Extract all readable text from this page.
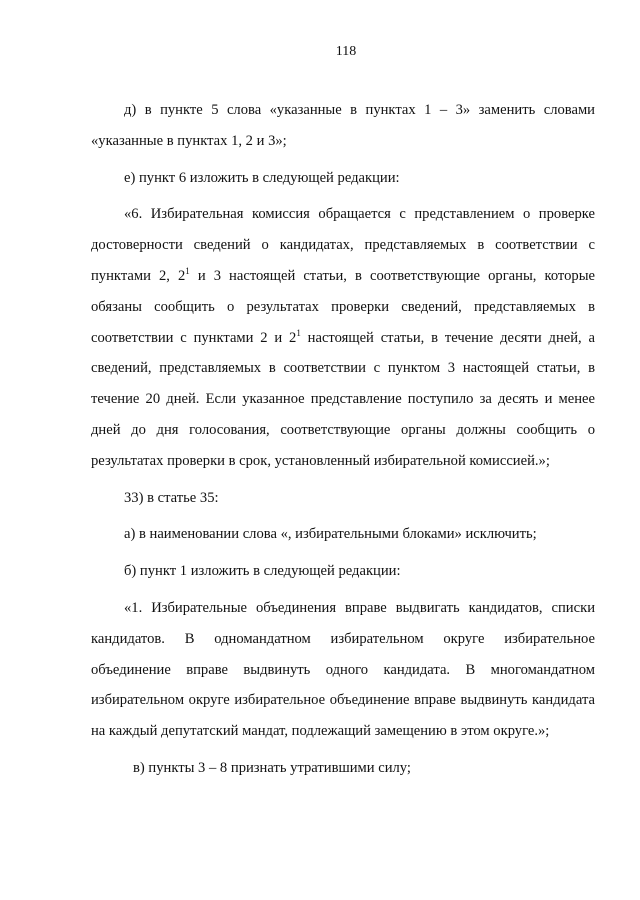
118

д) в пункте 5 слова «указанные в пунктах 1 – 3» заменить словами «указанные в пунктах 1, 2 и 3»;

е) пункт 6 изложить в следующей редакции:

«6. Избирательная комиссия обращается с представлением о проверке достоверности сведений о кандидатах, представляемых в соответствии с пунктами 2, $2^1$ и 3 настоящей статьи, в соответствующие органы, которые обязаны сообщить о результатах проверки сведений, представляемых в соответствии с пунктами 2 и $2^1$ настоящей статьи, в течение десяти дней, а сведений, представляемых в соответствии с пунктом 3 настоящей статьи, в течение 20 дней. Если указанное представление поступило за десять и менее дней до дня голосования, соответствующие органы должны сообщить о результатах проверки в срок, установленный избирательной комиссией.»;

33) в статье 35:

а) в наименовании слова «, избирательными блоками» исключить;

б) пункт 1 изложить в следующей редакции:

«1. Избирательные объединения вправе выдвигать кандидатов, списки кандидатов. В одномандатном избирательном округе избирательное объединение вправе выдвинуть одного кандидата. В многомандатном избирательном округе избирательное объединение вправе выдвинуть кандидата на каждый депутатский мандат, подлежащий замещению в этом округе.»;

в) пункты 3 – 8 признать утратившими силу;
